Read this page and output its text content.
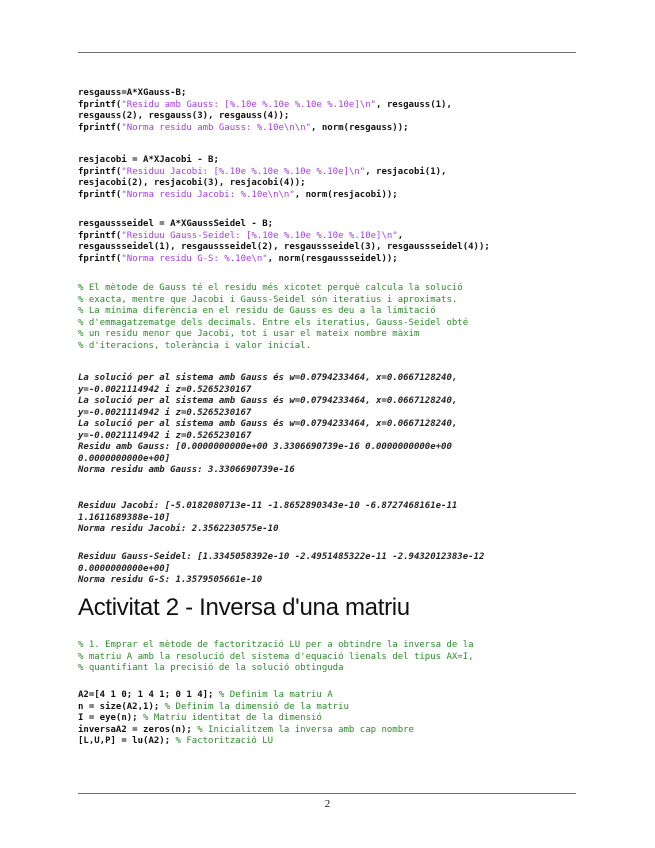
resgauss=A*XGauss-B;
fprintf("Residu amb Gauss: [%.10e %.10e %.10e %.10e]\n", resgauss(1),
resgauss(2), resgauss(3), resgauss(4));
fprintf("Norma residu amb Gauss: %.10e\n\n", norm(resgauss));
resjacobi = A*XJacobi - B;
fprintf("Residuu Jacobi: [%.10e %.10e %.10e %.10e]\n", resjacobi(1),
resjacobi(2), resjacobi(3), resjacobi(4));
fprintf("Norma residu Jacobi: %.10e\n\n", norm(resjacobi));
resgaussseidel = A*XGaussSeidel - B;
fprintf("Residuu Gauss-Seidel: [%.10e %.10e %.10e %.10e]\n",
resgaussseidel(1), resgaussseidel(2), resgaussseidel(3), resgaussseidel(4));
fprintf("Norma residu G-S: %.10e\n", norm(resgaussseidel));
% El mètode de Gauss té el residu més xicotet perquè calcula la solució
% exacta, mentre que Jacobi i Gauss-Seidel són iteratius i aproximats.
% La mínima diferència en el residu de Gauss es deu a la limitació
% d'emmagatzematge dels decimals. Entre els iteratius, Gauss-Seidel obté
% un residu menor que Jacobi, tot i usar el mateix nombre màxim
% d'iteracions, tolerància i valor inicial.
La solució per al sistema amb Gauss és w=0.0794233464, x=0.0667128240,
y=-0.0021114942 i z=0.5265230167
La solució per al sistema amb Gauss és w=0.0794233464, x=0.0667128240,
y=-0.0021114942 i z=0.5265230167
La solució per al sistema amb Gauss és w=0.0794233464, x=0.0667128240,
y=-0.0021114942 i z=0.5265230167
Residu amb Gauss: [0.0000000000e+00 3.3306690739e-16 0.0000000000e+00
0.0000000000e+00]
Norma residu amb Gauss: 3.3306690739e-16
Residuu Jacobi: [-5.0182080713e-11 -1.8652890343e-10 -6.8727468161e-11
1.1611689388e-10]
Norma residu Jacobi: 2.3562230575e-10
Residuu Gauss-Seidel: [1.3345058392e-10 -2.4951485322e-11 -2.9432012383e-12
0.0000000000e+00]
Norma residu G-S: 1.3579505661e-10
Activitat 2 - Inversa d'una matriu
% 1. Emprar el mètode de factorització LU per a obtindre la inversa de la
% matriu A amb la resolució del sistema d'equació lienals del tipus AX=I,
% quantifiant la precisió de la solució obtinguda
A2=[4 1 0; 1 4 1; 0 1 4]; % Definim la matriu A
n = size(A2,1); % Definim la dimensió de la matriu
I = eye(n); % Matriu identitat de la dimensió
inversaA2 = zeros(n); % Inicialitzem la inversa amb cap nombre
[L,U,P] = lu(A2); % Factorització LU
2
